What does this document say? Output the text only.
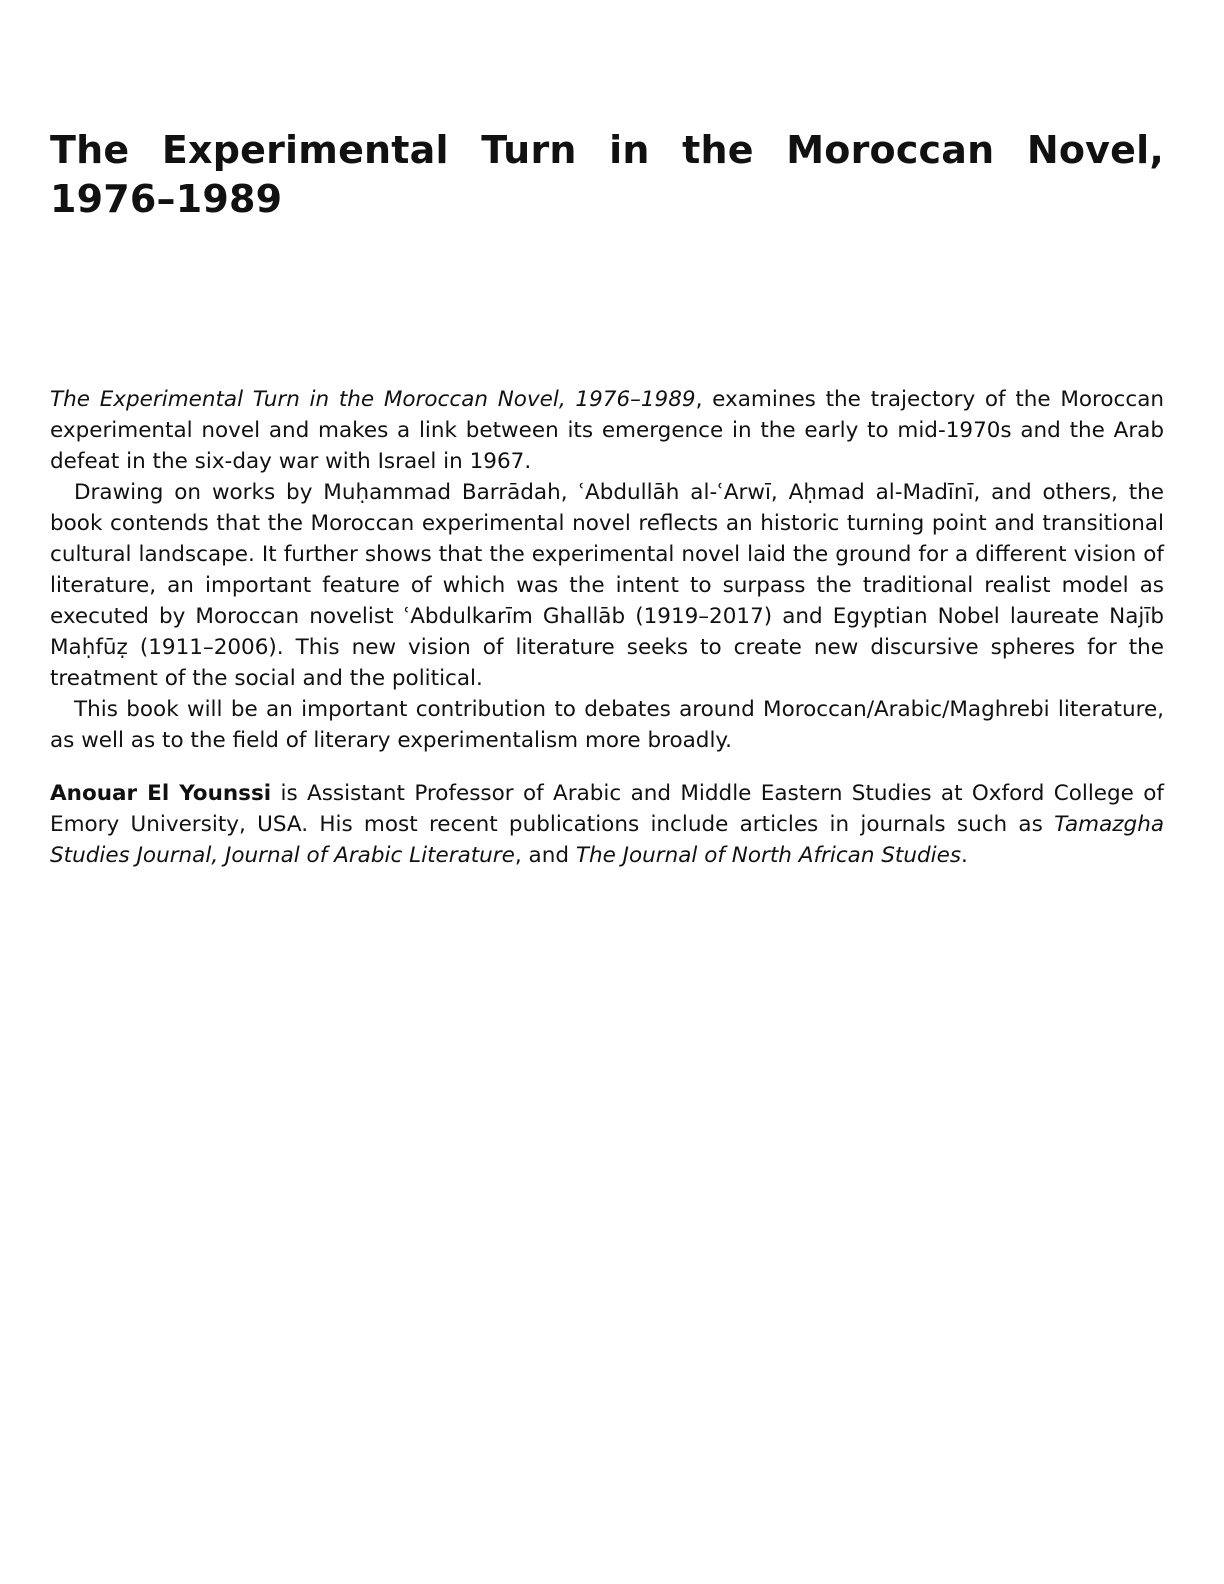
The Experimental Turn in the Moroccan Novel, 1976–1989

The Experimental Turn in the Moroccan Novel, 1976–1989, examines the trajectory of the Moroccan experimental novel and makes a link between its emergence in the early to mid-1970s and the Arab defeat in the six-day war with Israel in 1967.

Drawing on works by Muḥammad Barrādah, ʿAbdullāh al-ʿArwī, Aḥmad al-Madīnī, and others, the book contends that the Moroccan experimental novel reflects an historic turning point and transitional cultural landscape. It further shows that the experimental novel laid the ground for a different vision of literature, an important feature of which was the intent to surpass the traditional realist model as executed by Moroccan novelist ʿAbdulkarīm Ghallāb (1919–2017) and Egyptian Nobel laureate Najīb Maḥfūẓ (1911–2006). This new vision of literature seeks to create new discursive spheres for the treatment of the social and the political.

This book will be an important contribution to debates around Moroccan/Arabic/Maghrebi literature, as well as to the field of literary experimentalism more broadly.

Anouar El Younssi is Assistant Professor of Arabic and Middle Eastern Studies at Oxford College of Emory University, USA. His most recent publications include articles in journals such as Tamazgha Studies Journal, Journal of Arabic Literature, and The Journal of North African Studies.
